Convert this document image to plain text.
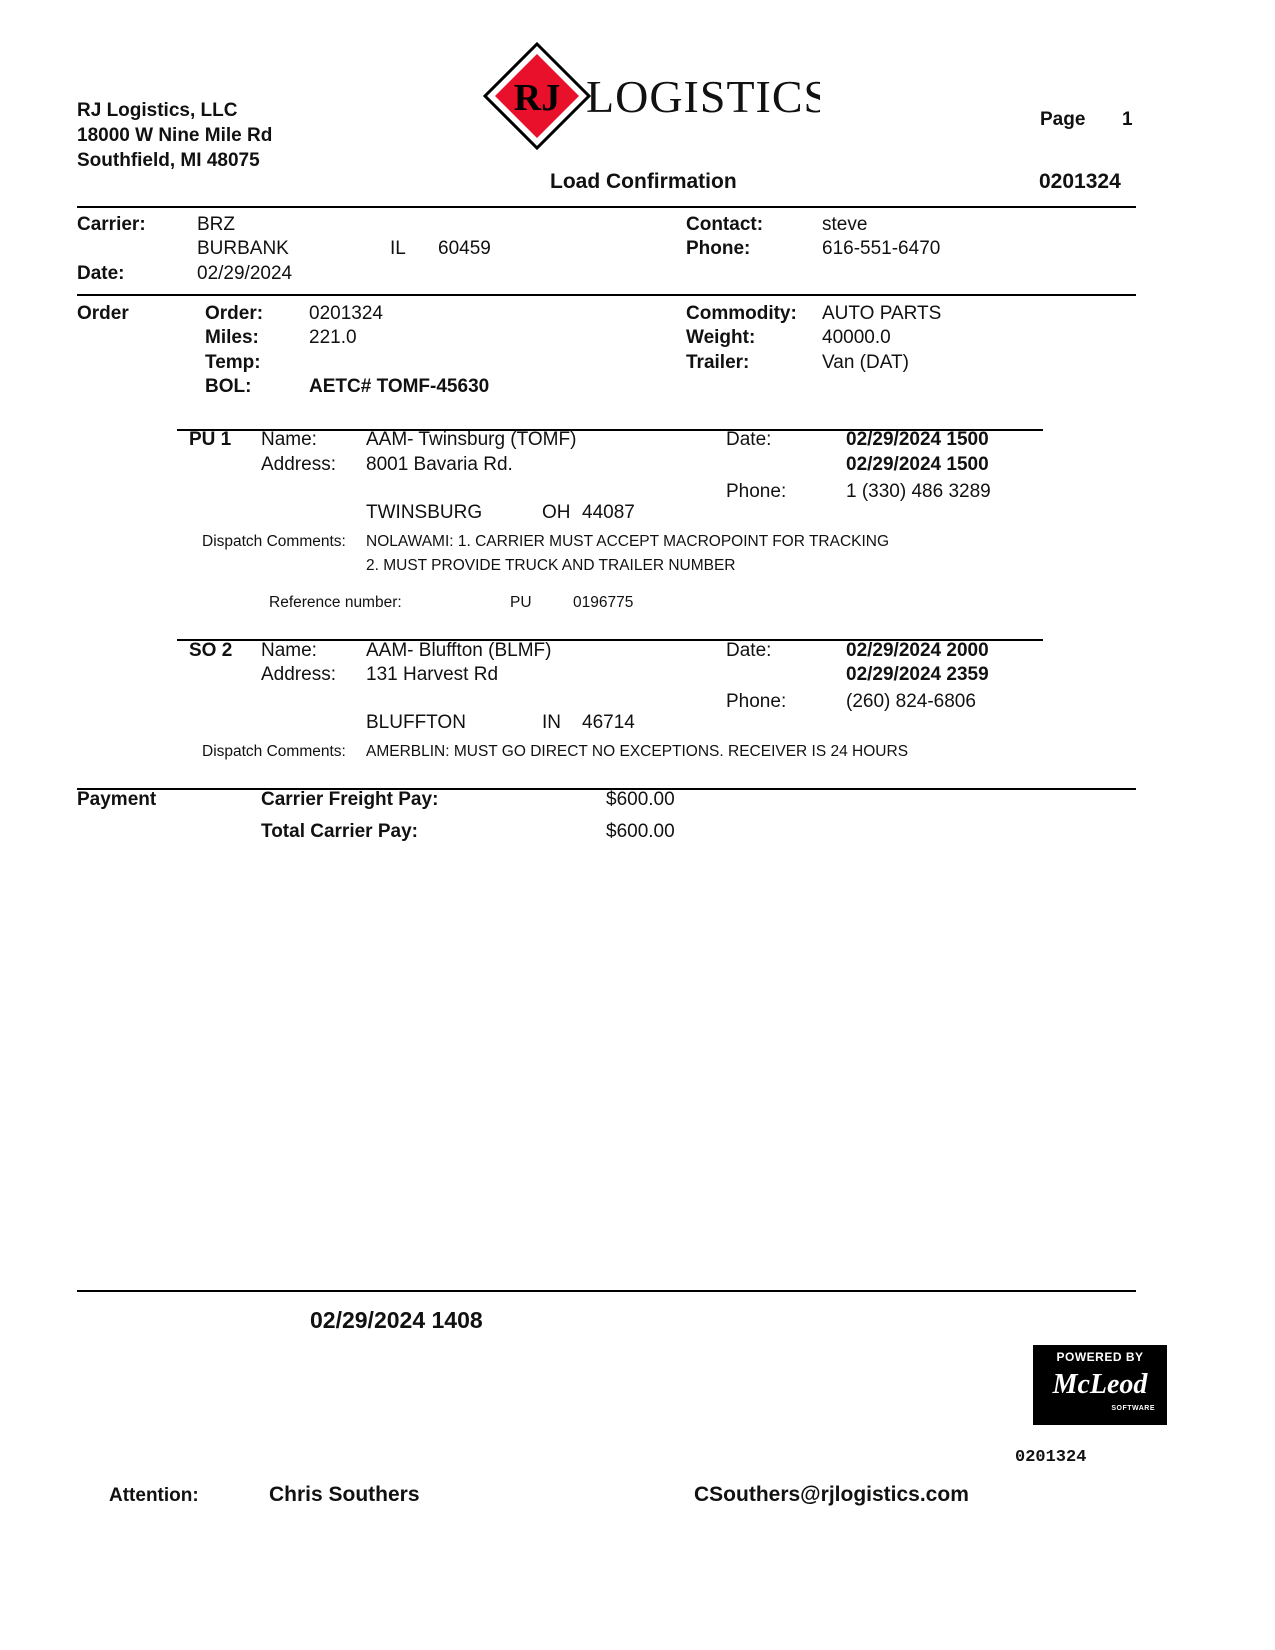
RJ Logistics, LLC
18000 W Nine Mile Rd
Southfield, MI 48075
RJ LOGISTICS	Page 1
Load Confirmation	0201324
Carrier:	BRZ
BURBANK	IL 60459
Date:	02/29/2024
Contact:	steve
Phone:	616-551-6470
Order	Order: 0201324
Miles:	221.0
Temp:
BOL:	AETC# TOMF-45630
Commodity: AUTO PARTS
Weight:	40000.0
Trailer:	Van (DAT)
PU 1 Name:	AAM- Twinsburg (TOMF)
Address: 8001 Bavaria Rd.
TWINSBURG	OH 44087
Date:	02/29/2024 1500
02/29/2024 1500
Phone:	1 (330) 486 3289
Dispatch Comments: NOLAWAMI: 1. CARRIER MUST ACCEPT MACROPOINT FOR TRACKING
2. MUST PROVIDE TRUCK AND TRAILER NUMBER
Reference number:	PU	0196775
SO 2 Name:	AAM- Bluffton (BLMF)
Address: 131 Harvest Rd
BLUFFTON	IN 46714
Date:	02/29/2024 2000
02/29/2024 2359
Phone:	(260) 824-6806
Dispatch Comments: AMERBLIN: MUST GO DIRECT NO EXCEPTIONS. RECEIVER IS 24 HOURS
Payment	Carrier Freight Pay:	$600.00
Total Carrier Pay:	$600.00
02/29/2024 1408
POWERED BY
McLeod
SOFTWARE
0201324
Attention:	Chris Southers	CSouthers@rjlogistics.com
